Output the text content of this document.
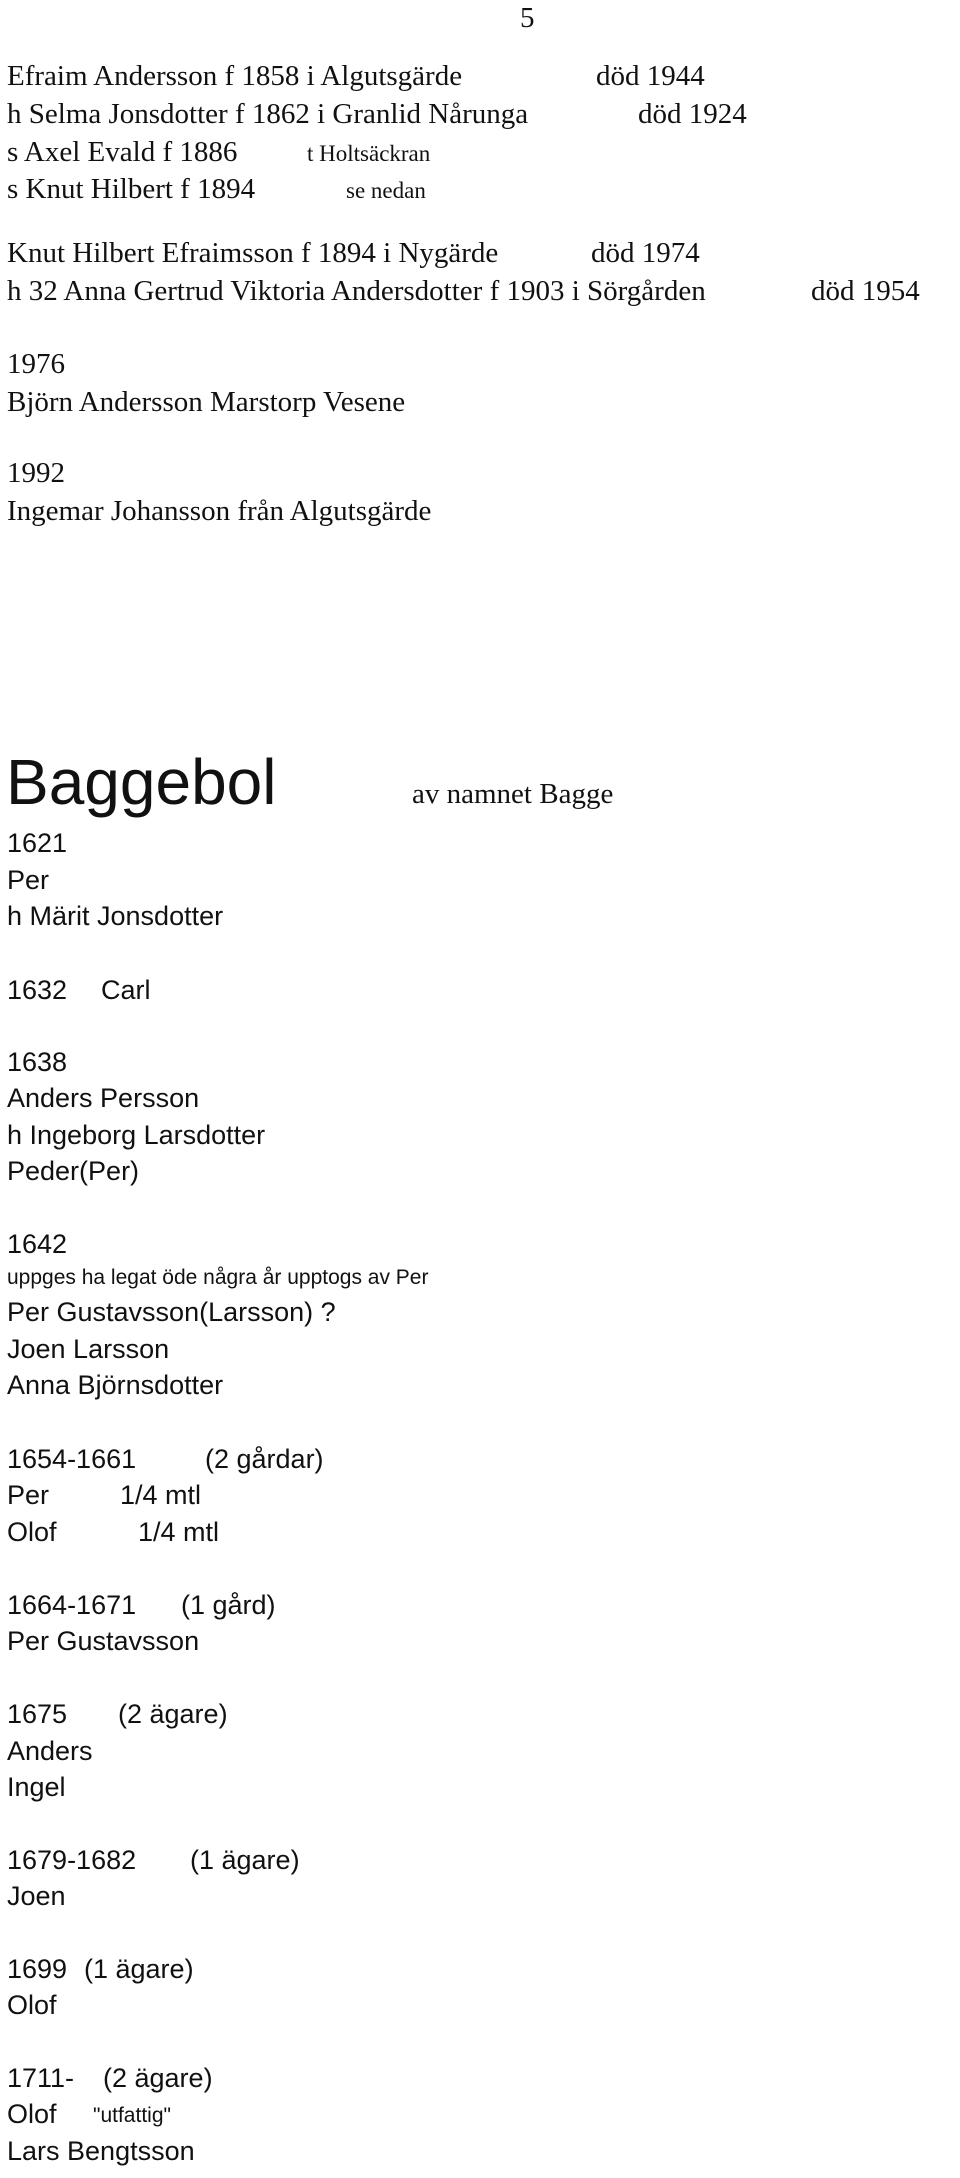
5
Efraim Andersson f 1858 i Algutsgärde	död 1944
h Selma Jonsdotter f 1862 i Granlid Nårunga	död 1924
s Axel Evald f 1886	t Holtsäckran
s Knut Hilbert f 1894	se nedan
Knut Hilbert Efraimsson f 1894 i Nygärde	död 1974
h 32 Anna Gertrud Viktoria Andersdotter f 1903 i Sörgården	död 1954
1976
Björn Andersson Marstorp Vesene
1992
Ingemar Johansson från Algutsgärde
Baggebol	av namnet Bagge
1621
Per
h Märit Jonsdotter
1632 Carl
1638
Anders Persson
h Ingeborg Larsdotter
Peder(Per)
1642
uppges ha legat öde några år upptogs av Per
Per Gustavsson(Larsson) ?
Joen Larsson
Anna Björnsdotter
1654-1661	(2 gårdar)
Per	1/4 mtl
Olof	1/4 mtl
1664-1671 (1 gård)
Per Gustavsson
1675 (2 ägare)
Anders
Ingel
1679-1682 (1 ägare)
Joen
1699 (1 ägare)
Olof
1711- (2 ägare)
Olof "utfattig"
Lars Bengtsson
